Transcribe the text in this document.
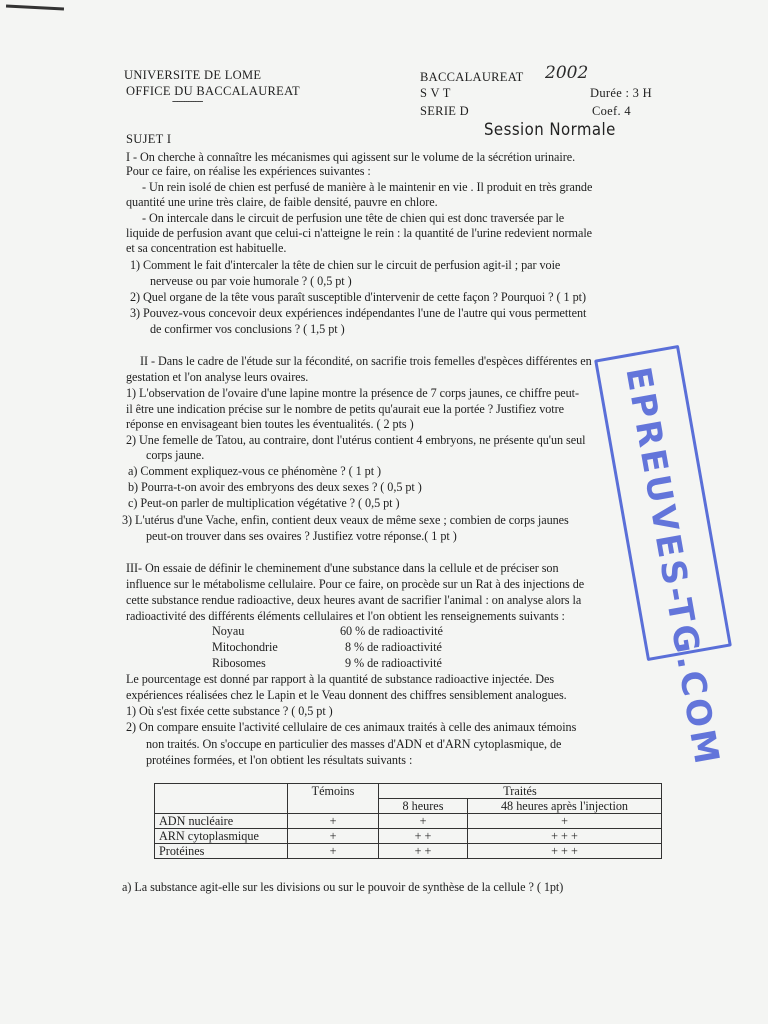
UNIVERSITE DE LOME
OFFICE DU BACCALAUREAT
-------------
BACCALAUREAT 2002
S V T
SERIE D
Durée : 3 H
Coef. 4
SUJET I	Session Normale
I - On cherche à connaître les mécanismes qui agissent sur le volume de la sécrétion urinaire.
Pour ce faire, on réalise les expériences suivantes :
- Un rein isolé de chien est perfusé de manière à le maintenir en vie . Il produit en très grande
quantité une urine très claire, de faible densité, pauvre en chlore.
- On intercale dans le circuit de perfusion une tête de chien qui est donc traversée par le
liquide de perfusion avant que celui-ci n'atteigne le rein : la quantité de l'urine redevient normale
et sa concentration est habituelle.
1) Comment le fait d'intercaler la tête de chien sur le circuit de perfusion agit-il ; par voie
nerveuse ou par voie humorale ? ( 0,5 pt )
2) Quel organe de la tête vous paraît susceptible d'intervenir de cette façon ? Pourquoi ? ( 1 pt)
3) Pouvez-vous concevoir deux expériences indépendantes l'une de l'autre qui vous permettent
de confirmer vos conclusions ? ( 1,5 pt )
II - Dans le cadre de l'étude sur la fécondité, on sacrifie trois femelles d'espèces différentes en
gestation et l'on analyse leurs ovaires.
1) L'observation de l'ovaire d'une lapine montre la présence de 7 corps jaunes, ce chiffre peut-
il être une indication précise sur le nombre de petits qu'aurait eue la portée ? Justifiez votre
réponse en envisageant bien toutes les éventualités. ( 2 pts )
2) Une femelle de Tatou, au contraire, dont l'utérus contient 4 embryons, ne présente qu'un seul
corps jaune.
a) Comment expliquez-vous ce phénomène ? ( 1 pt )
b) Pourra-t-on avoir des embryons des deux sexes ? ( 0,5 pt )
c) Peut-on parler de multiplication végétative ? ( 0,5 pt )
3) L'utérus d'une Vache, enfin, contient deux veaux de même sexe ; combien de corps jaunes
peut-on trouver dans ses ovaires ? Justifiez votre réponse.( 1 pt )
III- On essaie de définir le cheminement d'une substance dans la cellule et de préciser son
influence sur le métabolisme cellulaire. Pour ce faire, on procède sur un Rat à des injections de
cette substance rendue radioactive, deux heures avant de sacrifier l'animal : on analyse alors la
radioactivité des différents éléments cellulaires et l'on obtient les renseignements suivants :
Noyau	60 % de radioactivité
Mitochondrie	8 % de radioactivité
Ribosomes	9 % de radioactivité
Le pourcentage est donné par rapport à la quantité de substance radioactive injectée. Des
expériences réalisées chez le Lapin et le Veau donnent des chiffres sensiblement analogues.
1) Où s'est fixée cette substance ? ( 0,5 pt )
2) On compare ensuite l'activité cellulaire de ces animaux traités à celle des animaux témoins
non traités. On s'occupe en particulier des masses d'ADN et d'ARN cytoplasmique, de
protéines formées, et l'on obtient les résultats suivants :
	Témoins	Traités	
		8 heures	48 heures après l'injection
ADN nucléaire	+	+	+
ARN cytoplasmique	+	+ +	+ + +
Protéines	+	+ +	+ + +
a) La substance agit-elle sur les divisions ou sur le pouvoir de synthèse de la cellule ? ( 1pt)
EPREUVES-TG.COM
